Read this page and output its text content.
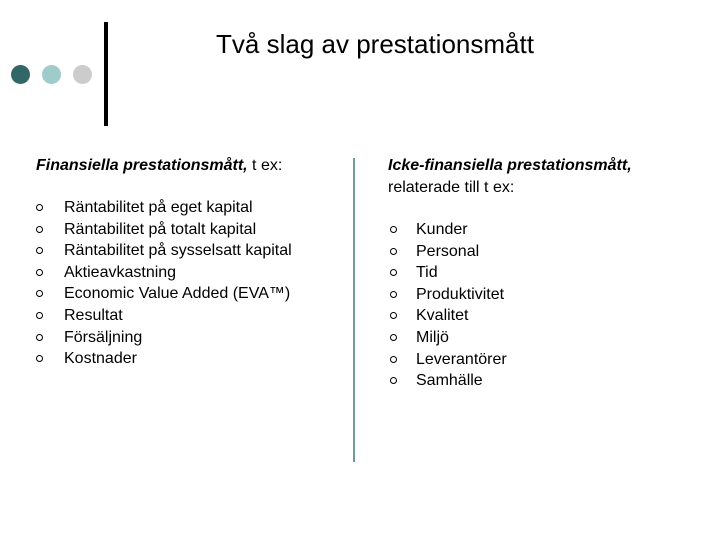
Två slag av prestationsmått
Finansiella prestationsmått, t ex:
Räntabilitet på eget kapital
Räntabilitet på totalt kapital
Räntabilitet på sysselsatt kapital
Aktieavkastning
Economic Value Added (EVA™)
Resultat
Försäljning
Kostnader
Icke-finansiella prestationsmått,
relaterade till t ex:
Kunder
Personal
Tid
Produktivitet
Kvalitet
Miljö
Leverantörer
Samhälle
